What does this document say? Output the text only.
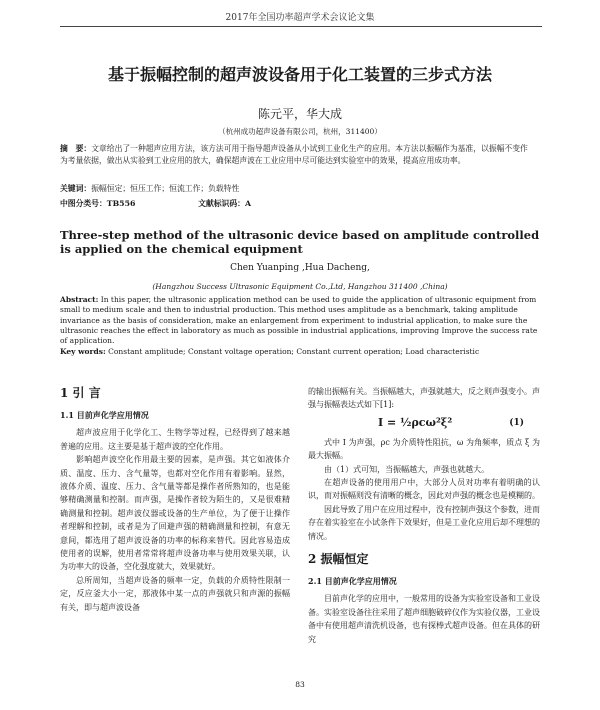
2017年全国功率超声学术会议论文集
基于振幅控制的超声波设备用于化工装置的三步式方法
陈元平，华大成
（杭州成功超声设备有限公司，杭州，311400）
摘　要：文章给出了一种超声应用方法，该方法可用于指导超声设备从小试到工业化生产的应用。本方法以振幅作为基准，以振幅不变作为考量依据，做出从实验到工业应用的放大，确保超声波在工业应用中尽可能达到实验室中的效果，提高应用成功率。
关键词：振幅恒定；恒压工作；恒流工作；负载特性
中图分类号：TB556	文献标识码：A
Three-step method of the ultrasonic device based on amplitude controlled is applied on the chemical equipment
Chen Yuanping ,Hua Dacheng,
(Hangzhou Success Ultrasonic Equipment Co.,Ltd, Hangzhou 311400 ,China)
Abstract: In this paper, the ultrasonic application method can be used to guide the application of ultrasonic equipment from small to medium scale and then to industrial production. This method uses amplitude as a benchmark, taking amplitude invariance as the basis of consideration, make an enlargement from experiment to industrial application, to make sure the ultrasonic reaches the effect in laboratory as much as possible in industrial applications, improving Improve the success rate of application.
Key words: Constant amplitude; Constant voltage operation; Constant current operation; Load characteristic
1 引 言
1.1 目前声化学应用情况

超声波应用于化学化工、生物学等过程，已经得到了越来越普遍的应用。这主要是基于超声波的空化作用。

影响超声波空化作用最主要的因素，是声强。其它如液体介质、温度、压力、含气量等，也都对空化作用有着影响。显然，液体介质、温度、压力、含气量等都是操作者所熟知的，也是能够精确测量和控制。而声强，是操作者较为陌生的，又是很难精确测量和控制。超声波仪器或设备的生产单位，为了便于让操作者理解和控制，或者是为了回避声强的精确测量和控制，有意无意间，都选用了超声波设备的功率的标称来替代。因此容易造成使用者的误解，使用者常常将超声设备功率与使用效果关联，认为功率大的设备，空化强度就大，效果就好。

总所周知，当超声设备的频率一定，负载的介质特性限制一定，反应釜大小一定，那液体中某一点的声强就只和声源的振幅有关，即与超声波设备

的输出振幅有关。当振幅越大，声强就越大，反之则声强变小。声强与振幅表达式如下[1]:

I = ½ρcω²ξ²	(1)

式中 I 为声强，ρc 为介质特性阻抗，ω 为角频率，质点 ξ 为最大振幅。

由（1）式可知，当振幅越大，声强也就越大。

在超声设备的使用用户中，大部分人员对功率有着明确的认识，而对振幅则没有清晰的概念，因此对声强的概念也是模糊的。

因此导致了用户在应用过程中，没有控制声强这个参数，进而存在着实验室在小试条件下效果好，但是工业化应用后却不理想的情况。

2 振幅恒定
2.1 目前声化学应用情况

目前声化学的应用中，一般常用的设备为实验室设备和工业设备。实验室设备往往采用了超声细胞破碎仪作为实验仪器，工业设备中有使用超声清洗机设备，也有探棒式超声设备。但在具体的研究

83
